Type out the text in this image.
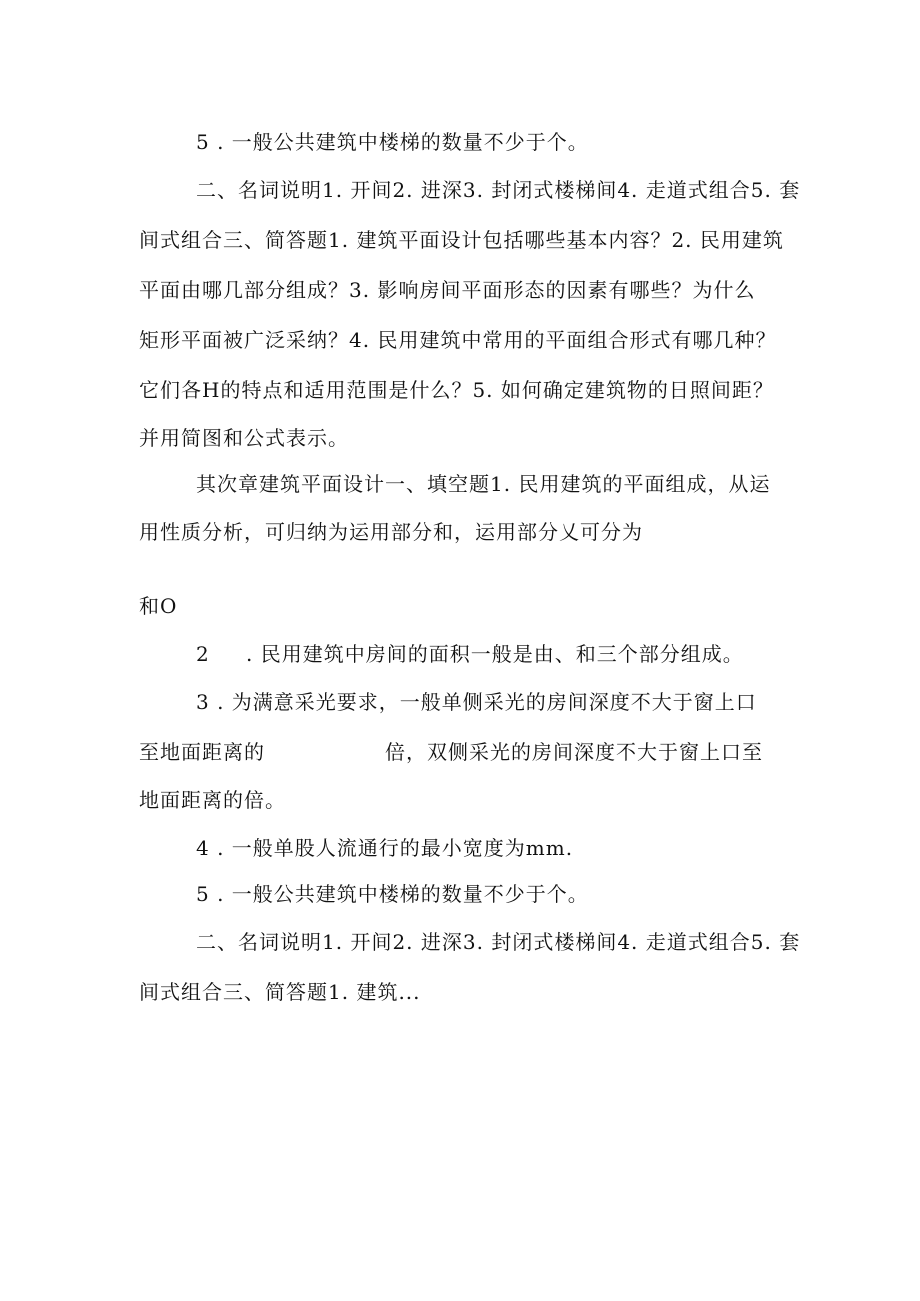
5 . 一般公共建筑中楼梯的数量不少于个。
二、名词说明1. 开间2. 进深3. 封闭式楼梯间4. 走道式组合5. 套
间式组合三、简答题1. 建筑平面设计包括哪些基本内容？2. 民用建筑
平面由哪几部分组成？3. 影响房间平面形态的因素有哪些？为什么
矩形平面被广泛采纳？4. 民用建筑中常用的平面组合形式有哪几种？
它们各H的特点和适用范围是什么？5. 如何确定建筑物的日照间距？
并用简图和公式表示。
其次章建筑平面设计一、填空题1. 民用建筑的平面组成，从运
用性质分析，可归纳为运用部分和，运用部分乂可分为
和O
2 . 民用建筑中房间的面积一般是由、和三个部分组成。
3 . 为满意采光要求，一般单侧采光的房间深度不大于窗上口
至地面距离的	倍，双侧采光的房间深度不大于窗上口至
地面距离的倍。
4 . 一般单股人流通行的最小宽度为mm.
5 . 一般公共建筑中楼梯的数量不少于个。
二、名词说明1. 开间2. 进深3. 封闭式楼梯间4. 走道式组合5. 套
间式组合三、简答题1. 建筑...
